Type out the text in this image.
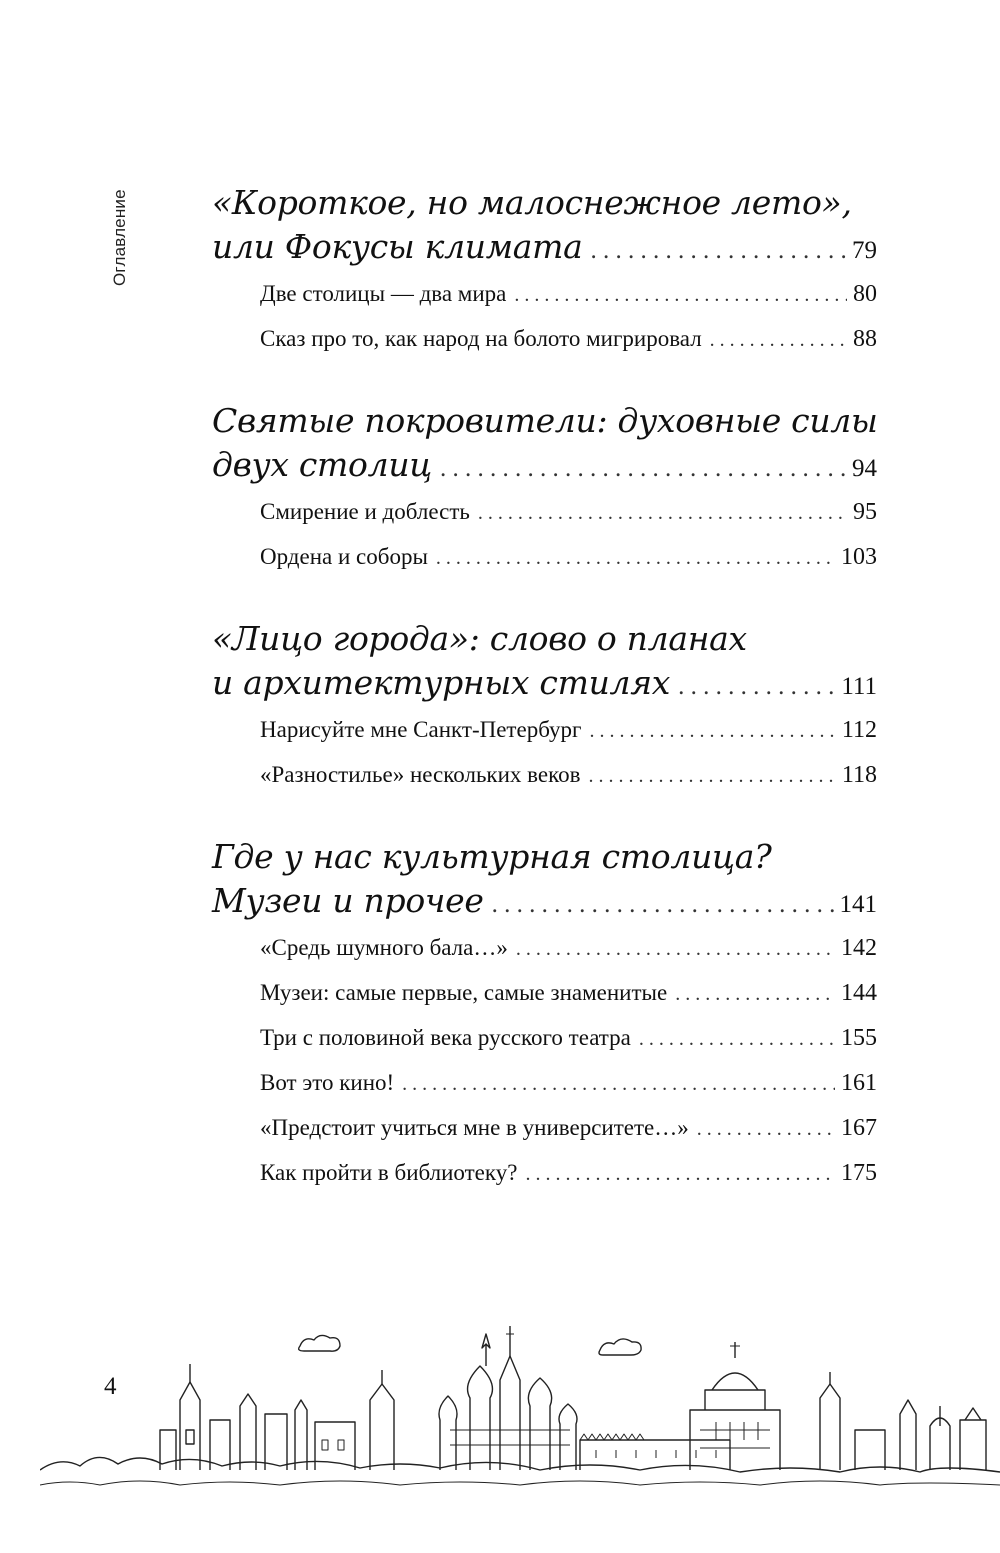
Оглавление	«Короткое, но малоснежное лето»,
или Фокусы климата . . .	79
Две столицы — два мира . . .	80
Сказ про то, как народ на болото мигрировал . . .	88
Святые покровители: духовные силы
двух столиц . . .	94
Смирение и доблесть . . .	95
Ордена и соборы . . .	103
«Лицо города»: слово о планах
и архитектурных стилях . . .	111
Нарисуйте мне Санкт-Петербург . . .	112
«Разностилье» нескольких веков . . .	118
Где у нас культурная столица?
Музеи и прочее . . .	141
«Средь шумного бала…» . . .	142
Музеи: самые первые, самые знаменитые . . .	144
Три с половиной века русского театра . . .	155
Вот это кино! . . .	161
«Предстоит учиться мне в университете…» . . .	167
Как пройти в библиотеку? . . .	175
4
